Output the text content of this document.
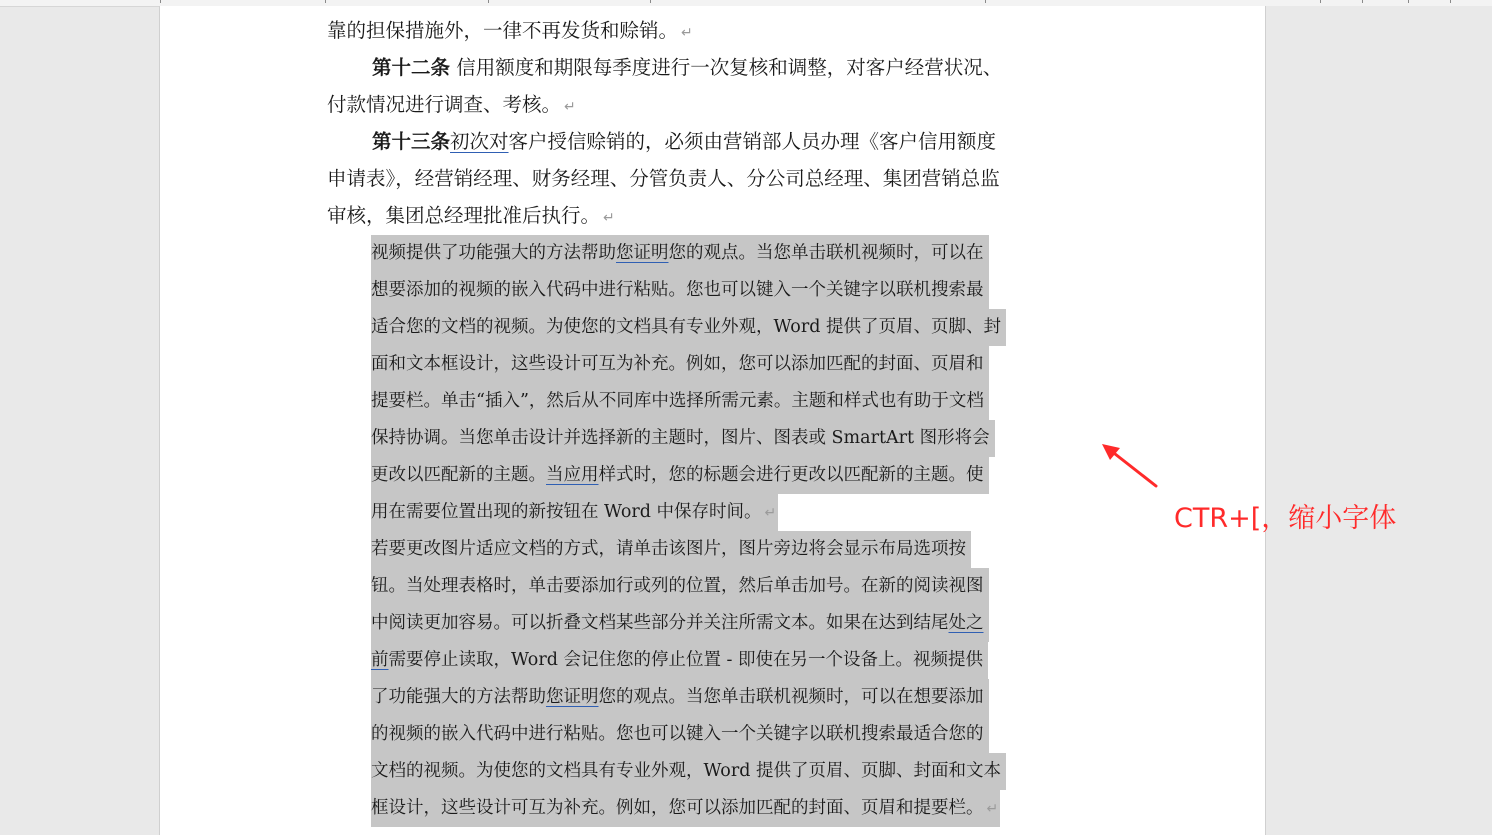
靠的担保措施外，一律不再发货和赊销。 ↵
第十二条 信用额度和期限每季度进行一次复核和调整，对客户经营状况、
付款情况进行调查、考核。 ↵
第十三条初次对客户授信赊销的，必须由营销部人员办理《客户信用额度
申请表》，经营销经理、财务经理、分管负责人、分公司总经理、集团营销总监
审核，集团总经理批准后执行。 ↵
视频提供了功能强大的方法帮助您证明您的观点。当您单击联机视频时，可以在
想要添加的视频的嵌入代码中进行粘贴。您也可以键入一个关键字以联机搜索最
适合您的文档的视频。为使您的文档具有专业外观，Word 提供了页眉、页脚、封
面和文本框设计，这些设计可互为补充。例如，您可以添加匹配的封面、页眉和
提要栏。单击“插入”，然后从不同库中选择所需元素。主题和样式也有助于文档
保持协调。当您单击设计并选择新的主题时，图片、图表或 SmartArt 图形将会
更改以匹配新的主题。当应用样式时，您的标题会进行更改以匹配新的主题。使
用在需要位置出现的新按钮在 Word 中保存时间。 ↵
若要更改图片适应文档的方式，请单击该图片，图片旁边将会显示布局选项按
钮。当处理表格时，单击要添加行或列的位置，然后单击加号。在新的阅读视图
中阅读更加容易。可以折叠文档某些部分并关注所需文本。如果在达到结尾处之
前需要停止读取，Word 会记住您的停止位置 - 即使在另一个设备上。视频提供
了功能强大的方法帮助您证明您的观点。当您单击联机视频时，可以在想要添加
的视频的嵌入代码中进行粘贴。您也可以键入一个关键字以联机搜索最适合您的
文档的视频。为使您的文档具有专业外观，Word 提供了页眉、页脚、封面和文本
框设计，这些设计可互为补充。例如，您可以添加匹配的封面、页眉和提要栏。 ↵
CTR+[，缩小字体
